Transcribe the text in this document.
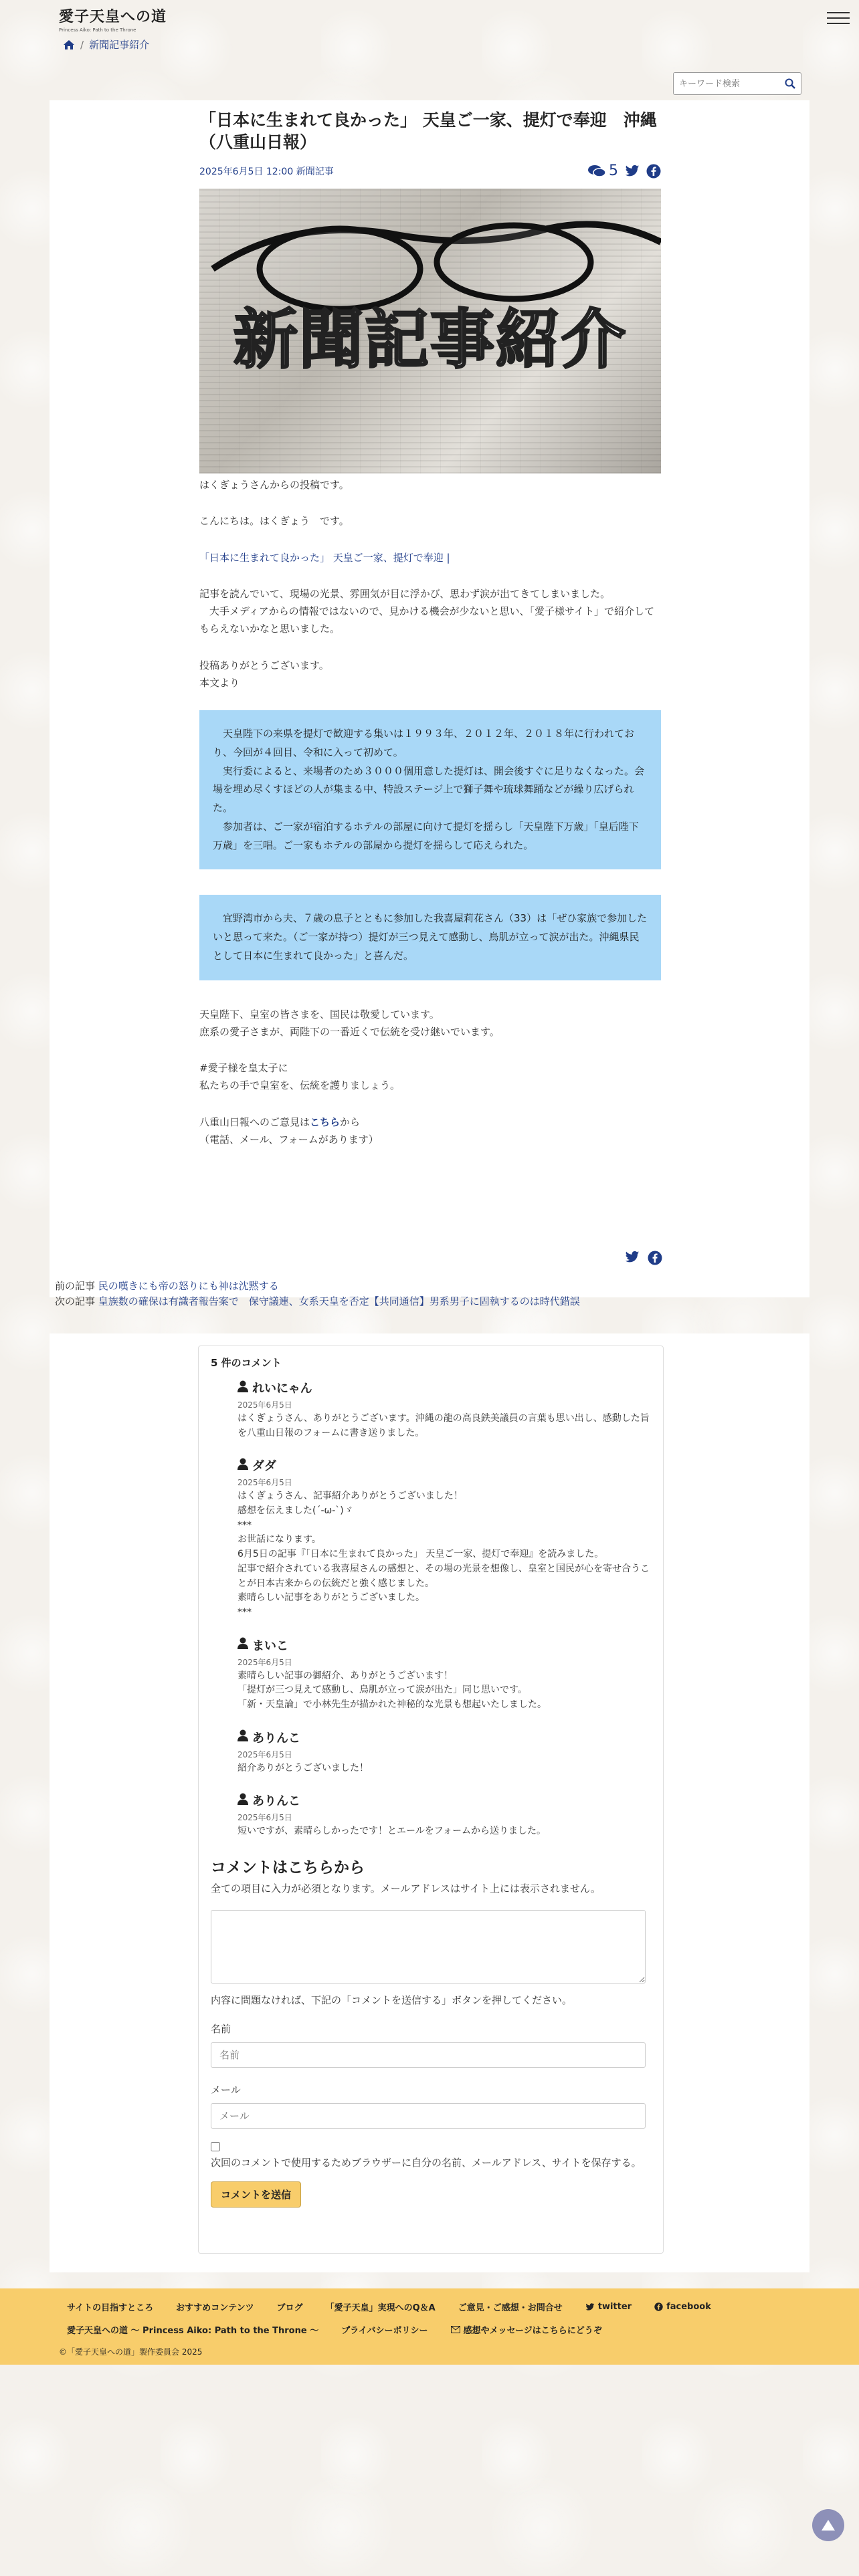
愛子天皇への道
Princess Aiko: Path to the Throne
/ 新聞記事紹介
キーワード検索
「日本に生まれて良かった」 天皇ご一家、提灯で奉迎　沖縄（八重山日報）
2025年6月5日 12:00 新聞記事	5
新聞記事紹介

はくぎょうさんからの投稿です。

こんにちは。はくぎょう　です。

「日本に生まれて良かった」 天皇ご一家、提灯で奉迎 |

記事を読んでいて、現場の光景、雰囲気が目に浮かび、思わず涙が出てきてしまいました。
　大手メディアからの情報ではないので、見かける機会が少ないと思い、「愛子様サイト」で紹介してもらえないかなと思いました。

投稿ありがとうございます。
本文より

　天皇陛下の来県を提灯で歓迎する集いは１９９３年、２０１２年、２０１８年に行われており、今回が４回目、令和に入って初めて。
　実行委によると、来場者のため３０００個用意した提灯は、開会後すぐに足りなくなった。会場を埋め尽くすほどの人が集まる中、特設ステージ上で獅子舞や琉球舞踊などが繰り広げられた。
　参加者は、ご一家が宿泊するホテルの部屋に向けて提灯を揺らし「天皇陛下万歳」「皇后陛下万歳」を三唱。ご一家もホテルの部屋から提灯を揺らして応えられた。
　宜野湾市から夫、７歳の息子とともに参加した我喜屋莉花さん（33）は「ぜひ家族で参加したいと思って来た。（ご一家が持つ）提灯が三つ見えて感動し、鳥肌が立って涙が出た。沖縄県民として日本に生まれて良かった」と喜んだ。

天皇陛下、皇室の皆さまを、国民は敬愛しています。
庶系の愛子さまが、両陛下の一番近くで伝統を受け継いでいます。

#愛子様を皇太子に
私たちの手で皇室を、伝統を護りましょう。

八重山日報へのご意見はこちらから
（電話、メール、フォームがあります）

前の記事 民の嘆きにも帝の怒りにも神は沈黙する
次の記事 皇族数の確保は有識者報告案で　保守議連、女系天皇を否定【共同通信】男系男子に固執するのは時代錯誤
5 件のコメント
れいにゃん
2025年6月5日
はくぎょうさん、ありがとうございます。沖縄の龍の高良鉄美議員の言葉も思い出し、感動した旨を八重山日報のフォームに書き送りました。
ダダ
2025年6月5日
はくぎょうさん、記事紹介ありがとうございました！
感想を伝えました(´-ω-`)ゞ
***
お世話になります。
6月5日の記事『「日本に生まれて良かった」 天皇ご一家、提灯で奉迎』を読みました。
記事で紹介されている我喜屋さんの感想と、その場の光景を想像し、皇室と国民が心を寄せ合うことが日本古来からの伝統だと強く感じました。
素晴らしい記事をありがとうございました。
***
まいこ
2025年6月5日
素晴らしい記事の御紹介、ありがとうございます！
「提灯が三つ見えて感動し、鳥肌が立って涙が出た」同じ思いです。
「新・天皇論」で小林先生が描かれた神秘的な光景も想起いたしました。
ありんこ
2025年6月5日
紹介ありがとうございました！
ありんこ
2025年6月5日
短いですが、素晴らしかったです！とエールをフォームから送りました。
コメントはこちらから
全ての項目に入力が必須となります。メールアドレスはサイト上には表示されません。
内容に問題なければ、下記の「コメントを送信する」ボタンを押してください。
名前
名前
メール
メール
次回のコメントで使用するためブラウザーに自分の名前、メールアドレス、サイトを保存する。
コメントを送信
サイトの目指すところ	おすすめコンテンツ	ブログ	「愛子天皇」実現へのQ＆A	ご意見・ご感想・お問合せ	twitter	facebook
愛子天皇への道 〜 Princess Aiko: Path to the Throne 〜	プライバシーポリシー	感想やメッセージはこちらにどうぞ
©「愛子天皇への道」製作委員会 2025
